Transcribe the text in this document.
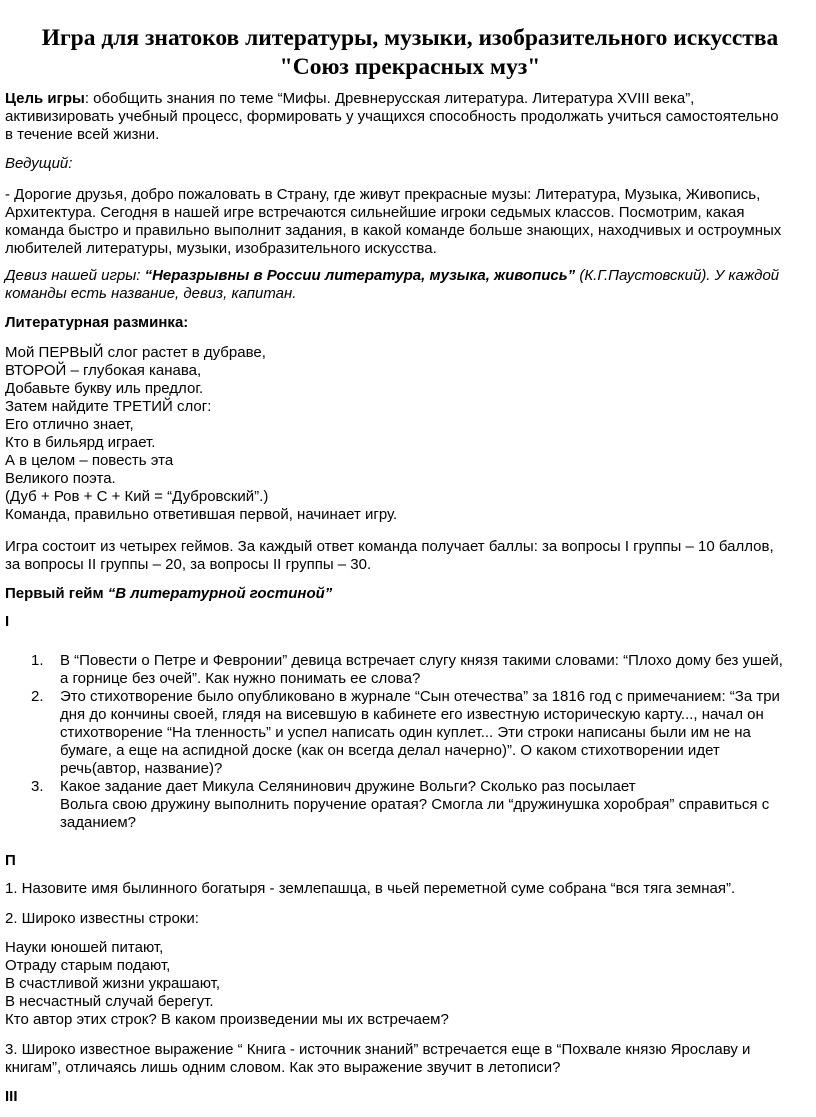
Игра для знатоков литературы, музыки, изобразительного искусства
"Союз прекрасных муз"
Цель игры: обобщить знания по теме “Мифы. Древнерусская литература. Литература XVIII века”,
активизировать учебный процесс, формировать у учащихся способность продолжать учиться самостоятельно
в течение всей жизни.
Ведущий:
- Дорогие друзья, добро пожаловать в Страну, где живут прекрасные музы: Литература, Музыка, Живопись,
Архитектура. Сегодня в нашей игре встречаются сильнейшие игроки седьмых классов. Посмотрим, какая
команда быстро и правильно выполнит задания, в какой команде больше знающих, находчивых и остроумных
любителей литературы, музыки, изобразительного искусства.
Девиз нашей игры: “Неразрывны в России литература, музыка, живопись” (К.Г.Паустовский). У каждой
команды есть название, девиз, капитан.
Литературная разминка:
Мой ПЕРВЫЙ слог растет в дубраве,
ВТОРОЙ – глубокая канава,
Добавьте букву иль предлог.
Затем найдите ТРЕТИЙ слог:
Его отлично знает,
Кто в бильярд играет.
А в целом – повесть эта
Великого поэта.
(Дуб + Ров + С + Кий = “Дубровский”.)
Команда, правильно ответившая первой, начинает игру.
Игра состоит из четырех геймов. За каждый ответ команда получает баллы: за вопросы I группы – 10 баллов,
за вопросы II группы – 20, за вопросы II группы – 30.
Первый гейм “В литературной гостиной”
I
1.	В “Повести о Петре и Февронии” девица встречает слугу князя такими словами: “Плохо дому без ушей,
а горнице без очей”. Как нужно понимать ее слова?
2.	Это стихотворение было опубликовано в журнале “Сын отечества” за 1816 год с примечанием: “За три
дня до кончины своей, глядя на висевшую в кабинете его известную историческую карту..., начал он
стихотворение “На тленность” и успел написать один куплет... Эти строки написаны были им не на
бумаге, а еще на аспидной доске (как он всегда делал начерно)”. О каком стихотворении идет
речь(автор, название)?
3.	Какое задание дает Микула Селянинович дружине Вольги? Сколько раз посылает
Вольга свою дружину выполнить поручение оратая? Смогла ли “дружинушка хоробрая” справиться с
заданием?
П
1. Назовите имя былинного богатыря - землепашца, в чьей переметной суме собрана “вся тяга земная”.
2. Широко известны строки:
Науки юношей питают,
Отраду старым подают,
В счастливой жизни украшают,
В несчастный случай берегут.
Кто автор этих строк? В каком произведении мы их встречаем?
3. Широко известное выражение “ Книга - источник знаний” встречается еще в “Похвале князю Ярославу и
книгам”, отличаясь лишь одним словом. Как это выражение звучит в летописи?
III
